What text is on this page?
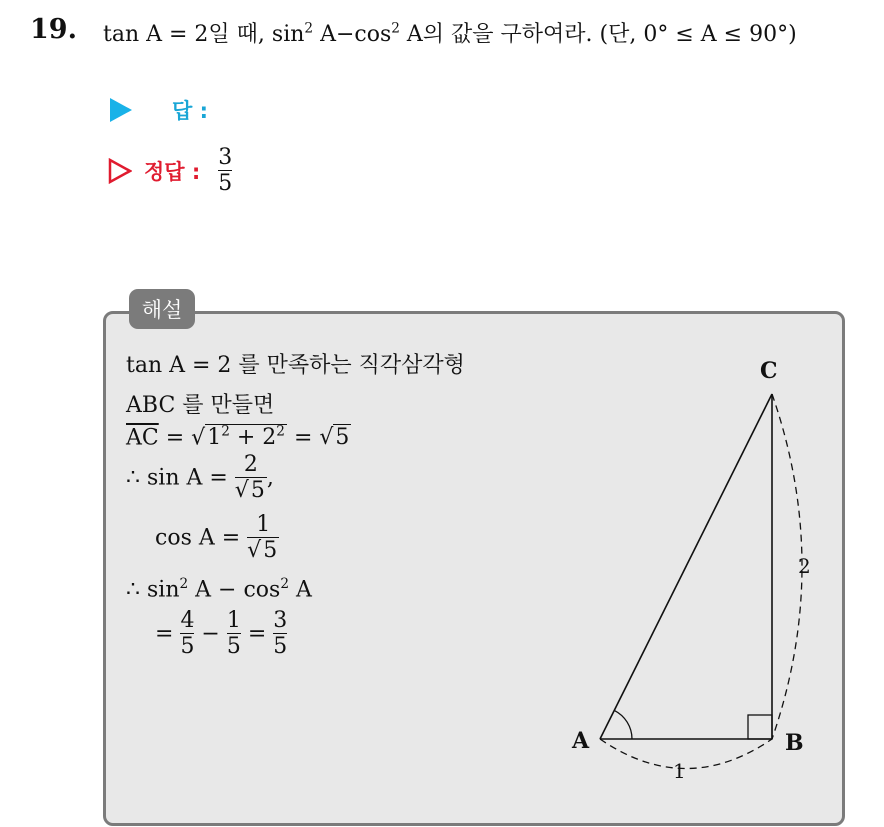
19. tan A = 2일 때, $\sin^2 A-\cos^2$ A의 값을 구하여라. (단, 0° ≤ A ≤ 90°)
답 :
정답 : $\frac{3}{5}$
해설
tan A = 2 를 만족하는 직각삼각형
ABC 를 만들면
$\overline{AC} = √1^2 + 2^2 = √5$
∴ $\sin A = \frac{2}{√5}$ ,
$\cos A = \frac{1}{√5}$
∴ $\sin^2 A - \cos^2 A$
= $\frac{4}{5} - \frac{1}{5} = \frac{3}{5}$
A	B
C
1
2
